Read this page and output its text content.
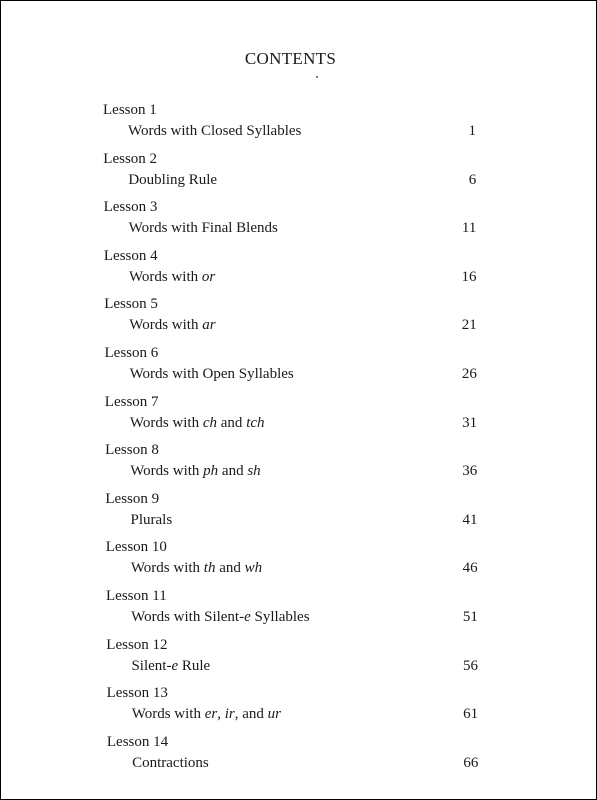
CONTENTS
Lesson 1
Words with Closed Syllables	1
Lesson 2
Doubling Rule	6
Lesson 3
Words with Final Blends	11
Lesson 4
Words with or	16
Lesson 5
Words with ar	21
Lesson 6
Words with Open Syllables	26
Lesson 7
Words with ch and tch	31
Lesson 8
Words with ph and sh	36
Lesson 9
Plurals	41
Lesson 10
Words with th and wh	46
Lesson 11
Words with Silent-e Syllables	51
Lesson 12
Silent-e Rule	56
Lesson 13
Words with er, ir, and ur	61
Lesson 14
Contractions	66
